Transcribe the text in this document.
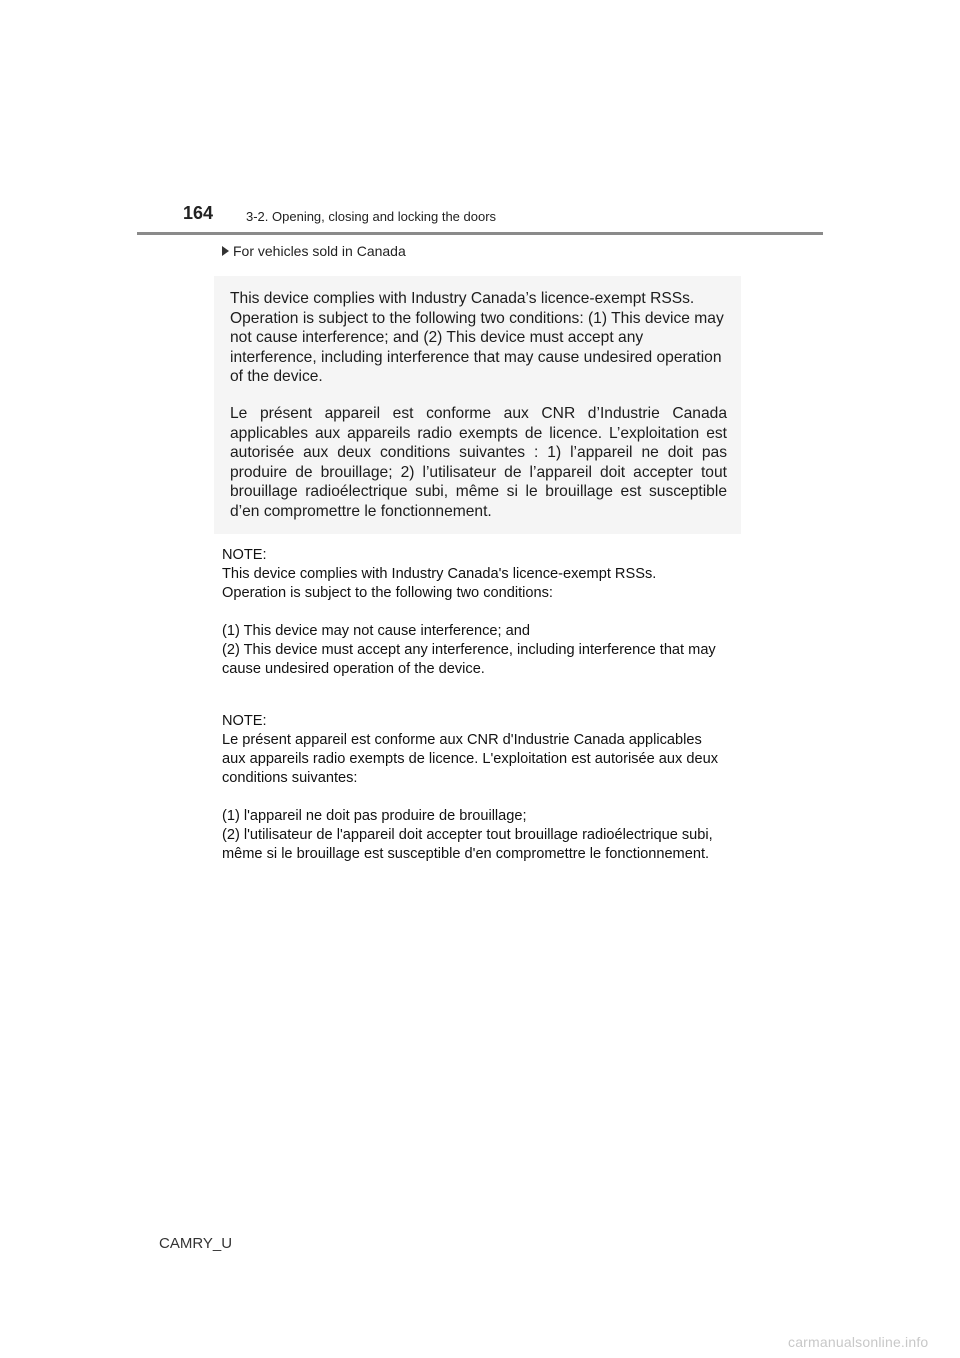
164	3-2. Opening, closing and locking the doors
For vehicles sold in Canada

This device complies with Industry Canada’s licence-exempt RSSs. Operation is subject to the following two conditions: (1) This device may not cause interference; and (2) This device must accept any interference, including interference that may cause undesired operation of the device.

Le présent appareil est conforme aux CNR d’Industrie Canada applicables aux appareils radio exempts de licence. L’exploitation est autorisée aux deux conditions suivantes : 1) l’appareil ne doit pas produire de brouillage; 2) l’utilisateur de l’appareil doit accepter tout brouillage radioélectrique subi, même si le brouillage est susceptible d’en compromettre le fonctionnement.

NOTE:

This device complies with Industry Canada's licence-exempt RSSs. Operation is subject to the following two conditions:

(1) This device may not cause interference; and

(2) This device must accept any interference, including interference that may cause undesired operation of the device.

NOTE:

Le présent appareil est conforme aux CNR d'Industrie Canada applicables aux appareils radio exempts de licence. L'exploitation est autorisée aux deux conditions suivantes:

(1) l'appareil ne doit pas produire de brouillage;

(2) l'utilisateur de l'appareil doit accepter tout brouillage radioélectrique subi, même si le brouillage est susceptible d'en compromettre le fonctionnement.

CAMRY_U
carmanualsonline.info
